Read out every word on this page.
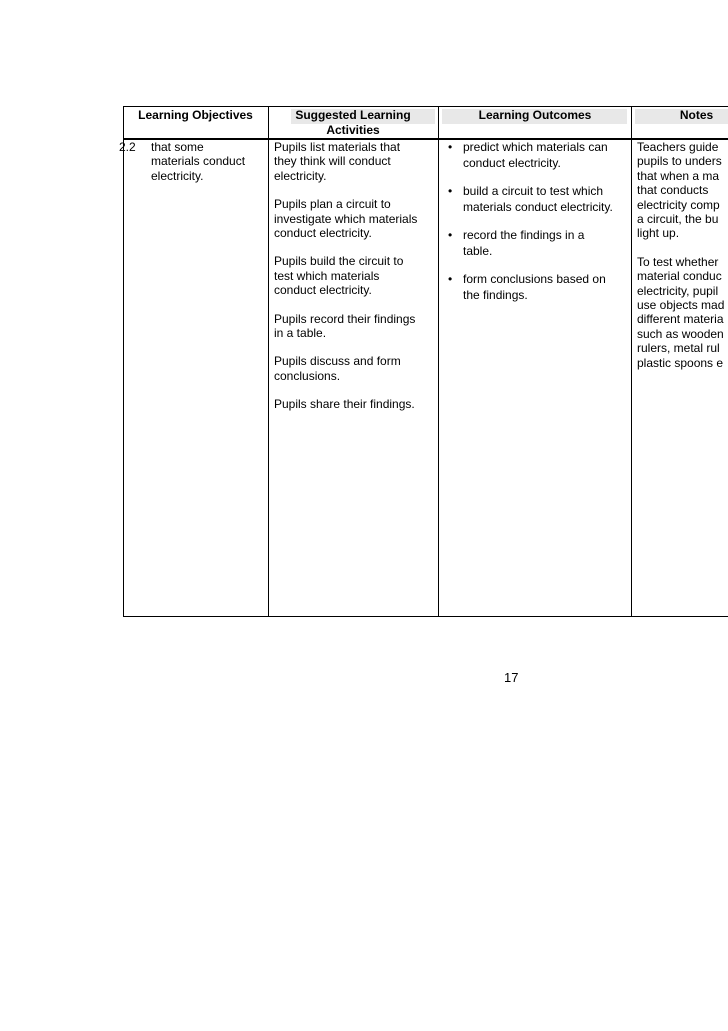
Learning Objectives	Suggested Learning Activities
Learning Outcomes	Notes
2.2 that some
materials conduct
electricity.
Pupils list materials that
they think will conduct
electricity.
Pupils plan a circuit to
investigate which materials
conduct electricity.
Pupils build the circuit to
test which materials
conduct electricity.
Pupils record their findings
in a table.
Pupils discuss and form
conclusions.
Pupils share their findings.
• predict which materials can
conduct electricity.
• build a circuit to test which
materials conduct electricity.
• record the findings in a
table.
• form conclusions based on
the findings.
Teachers guide
pupils to unders
that when a ma
that conducts
electricity comp
a circuit, the bu
light up.
To test whether
material conduc
electricity, pupil
use objects mad
different materia
such as wooden
rulers, metal rul
plastic spoons e
17
